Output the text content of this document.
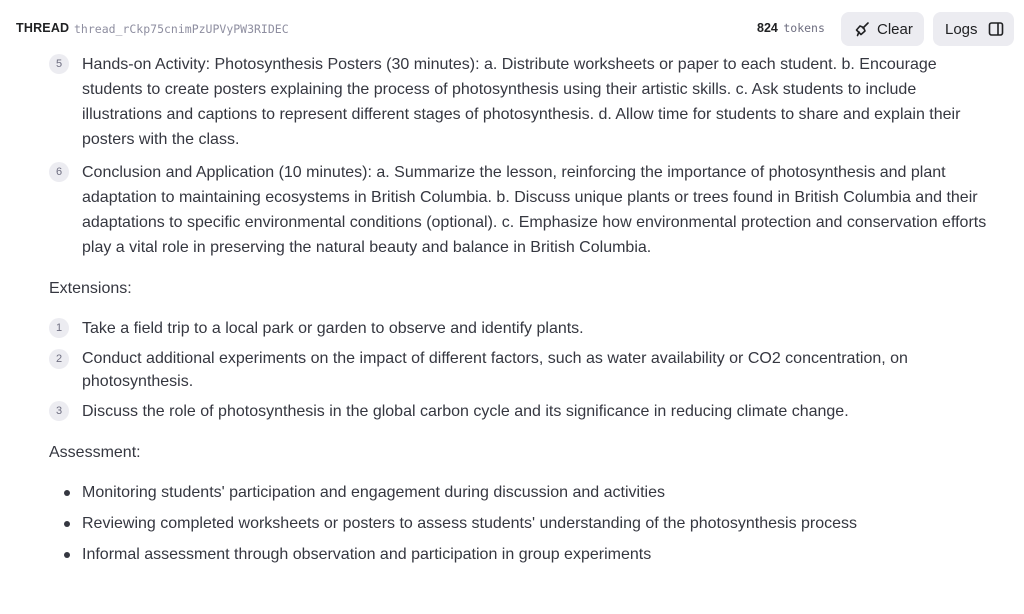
THREAD thread_rCkp75cnimPzUPVyPW3RIDEC	824 tokens	Clear Logs
5	Hands-on Activity: Photosynthesis Posters (30 minutes): a. Distribute worksheets or paper to each student. b. Encourage students to create posters explaining the process of photosynthesis using their artistic skills. c. Ask students to include illustrations and captions to represent different stages of photosynthesis. d. Allow time for students to share and explain their posters with the class.

6	Conclusion and Application (10 minutes): a. Summarize the lesson, reinforcing the importance of photosynthesis and plant adaptation to maintaining ecosystems in British Columbia. b. Discuss unique plants or trees found in British Columbia and their adaptations to specific environmental conditions (optional). c. Emphasize how environmental protection and conservation efforts play a vital role in preserving the natural beauty and balance in British Columbia.

Extensions:

1	Take a field trip to a local park or garden to observe and identify plants.

2	Conduct additional experiments on the impact of different factors, such as water availability or CO2 concentration, on photosynthesis.

3	Discuss the role of photosynthesis in the global carbon cycle and its significance in reducing climate change.

Assessment:

Monitoring students' participation and engagement during discussion and activities

Reviewing completed worksheets or posters to assess students' understanding of the photosynthesis process

Informal assessment through observation and participation in group experiments
